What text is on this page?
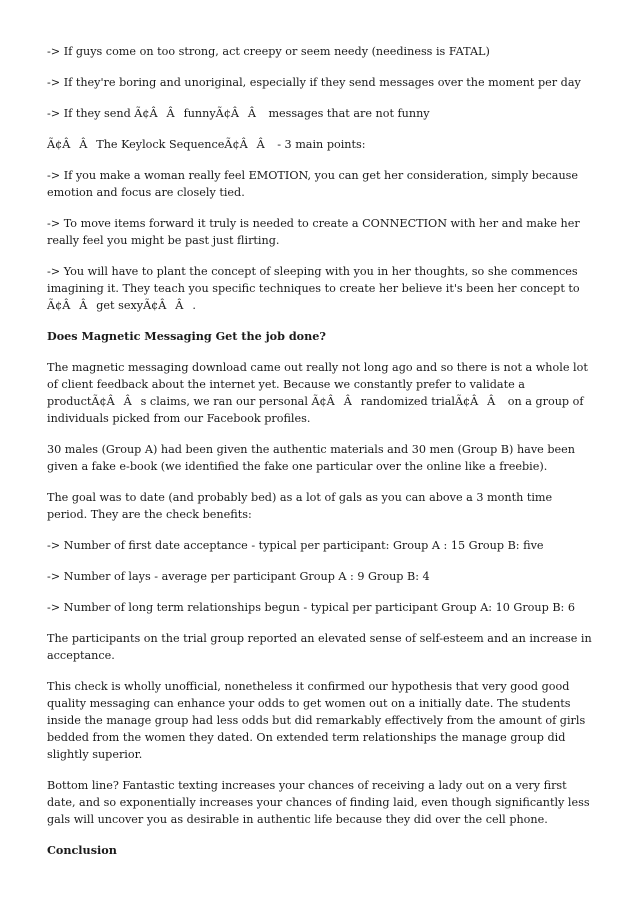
-> If guys come on too strong, act creepy or seem needy (neediness is FATAL)

-> If they're boring and unoriginal, especially if they send messages over the moment per day

-> If they send Ã¢ÂÂfunnyÃ¢ÂÂ messages that are not funny

Ã¢ÂÂThe Keylock SequenceÃ¢ÂÂ - 3 main points:

-> If you make a woman really feel EMOTION, you can get her consideration, simply because emotion and focus are closely tied.

-> To move items forward it truly is needed to create a CONNECTION with her and make her really feel you might be past just flirting.

-> You will have to plant the concept of sleeping with you in her thoughts, so she commences imagining it. They teach you specific techniques to create her believe it's been her concept to Ã¢ÂÂget sexyÃ¢ÂÂ.

Does Magnetic Messaging Get the job done?

The magnetic messaging download came out really not long ago and so there is not a whole lot of client feedback about the internet yet. Because we constantly prefer to validate a productÃ¢ÂÂs claims, we ran our personal Ã¢ÂÂrandomized trialÃ¢ÂÂ on a group of individuals picked from our Facebook profiles.

30 males (Group A) had been given the authentic materials and 30 men (Group B) have been given a fake e-book (we identified the fake one particular over the online like a freebie).

The goal was to date (and probably bed) as a lot of gals as you can above a 3 month time period. They are the check benefits:

-> Number of first date acceptance - typical per participant: Group A : 15 Group B: five

-> Number of lays - average per participant Group A : 9 Group B: 4

-> Number of long term relationships begun - typical per participant Group A: 10 Group B: 6

The participants on the trial group reported an elevated sense of self-esteem and an increase in acceptance.

This check is wholly unofficial, nonetheless it confirmed our hypothesis that very good good quality messaging can enhance your odds to get women out on a initially date. The students inside the manage group had less odds but did remarkably effectively from the amount of girls bedded from the women they dated. On extended term relationships the manage group did slightly superior.

Bottom line? Fantastic texting increases your chances of receiving a lady out on a very first date, and so exponentially increases your chances of finding laid, even though significantly less gals will uncover you as desirable in authentic life because they did over the cell phone.

Conclusion
